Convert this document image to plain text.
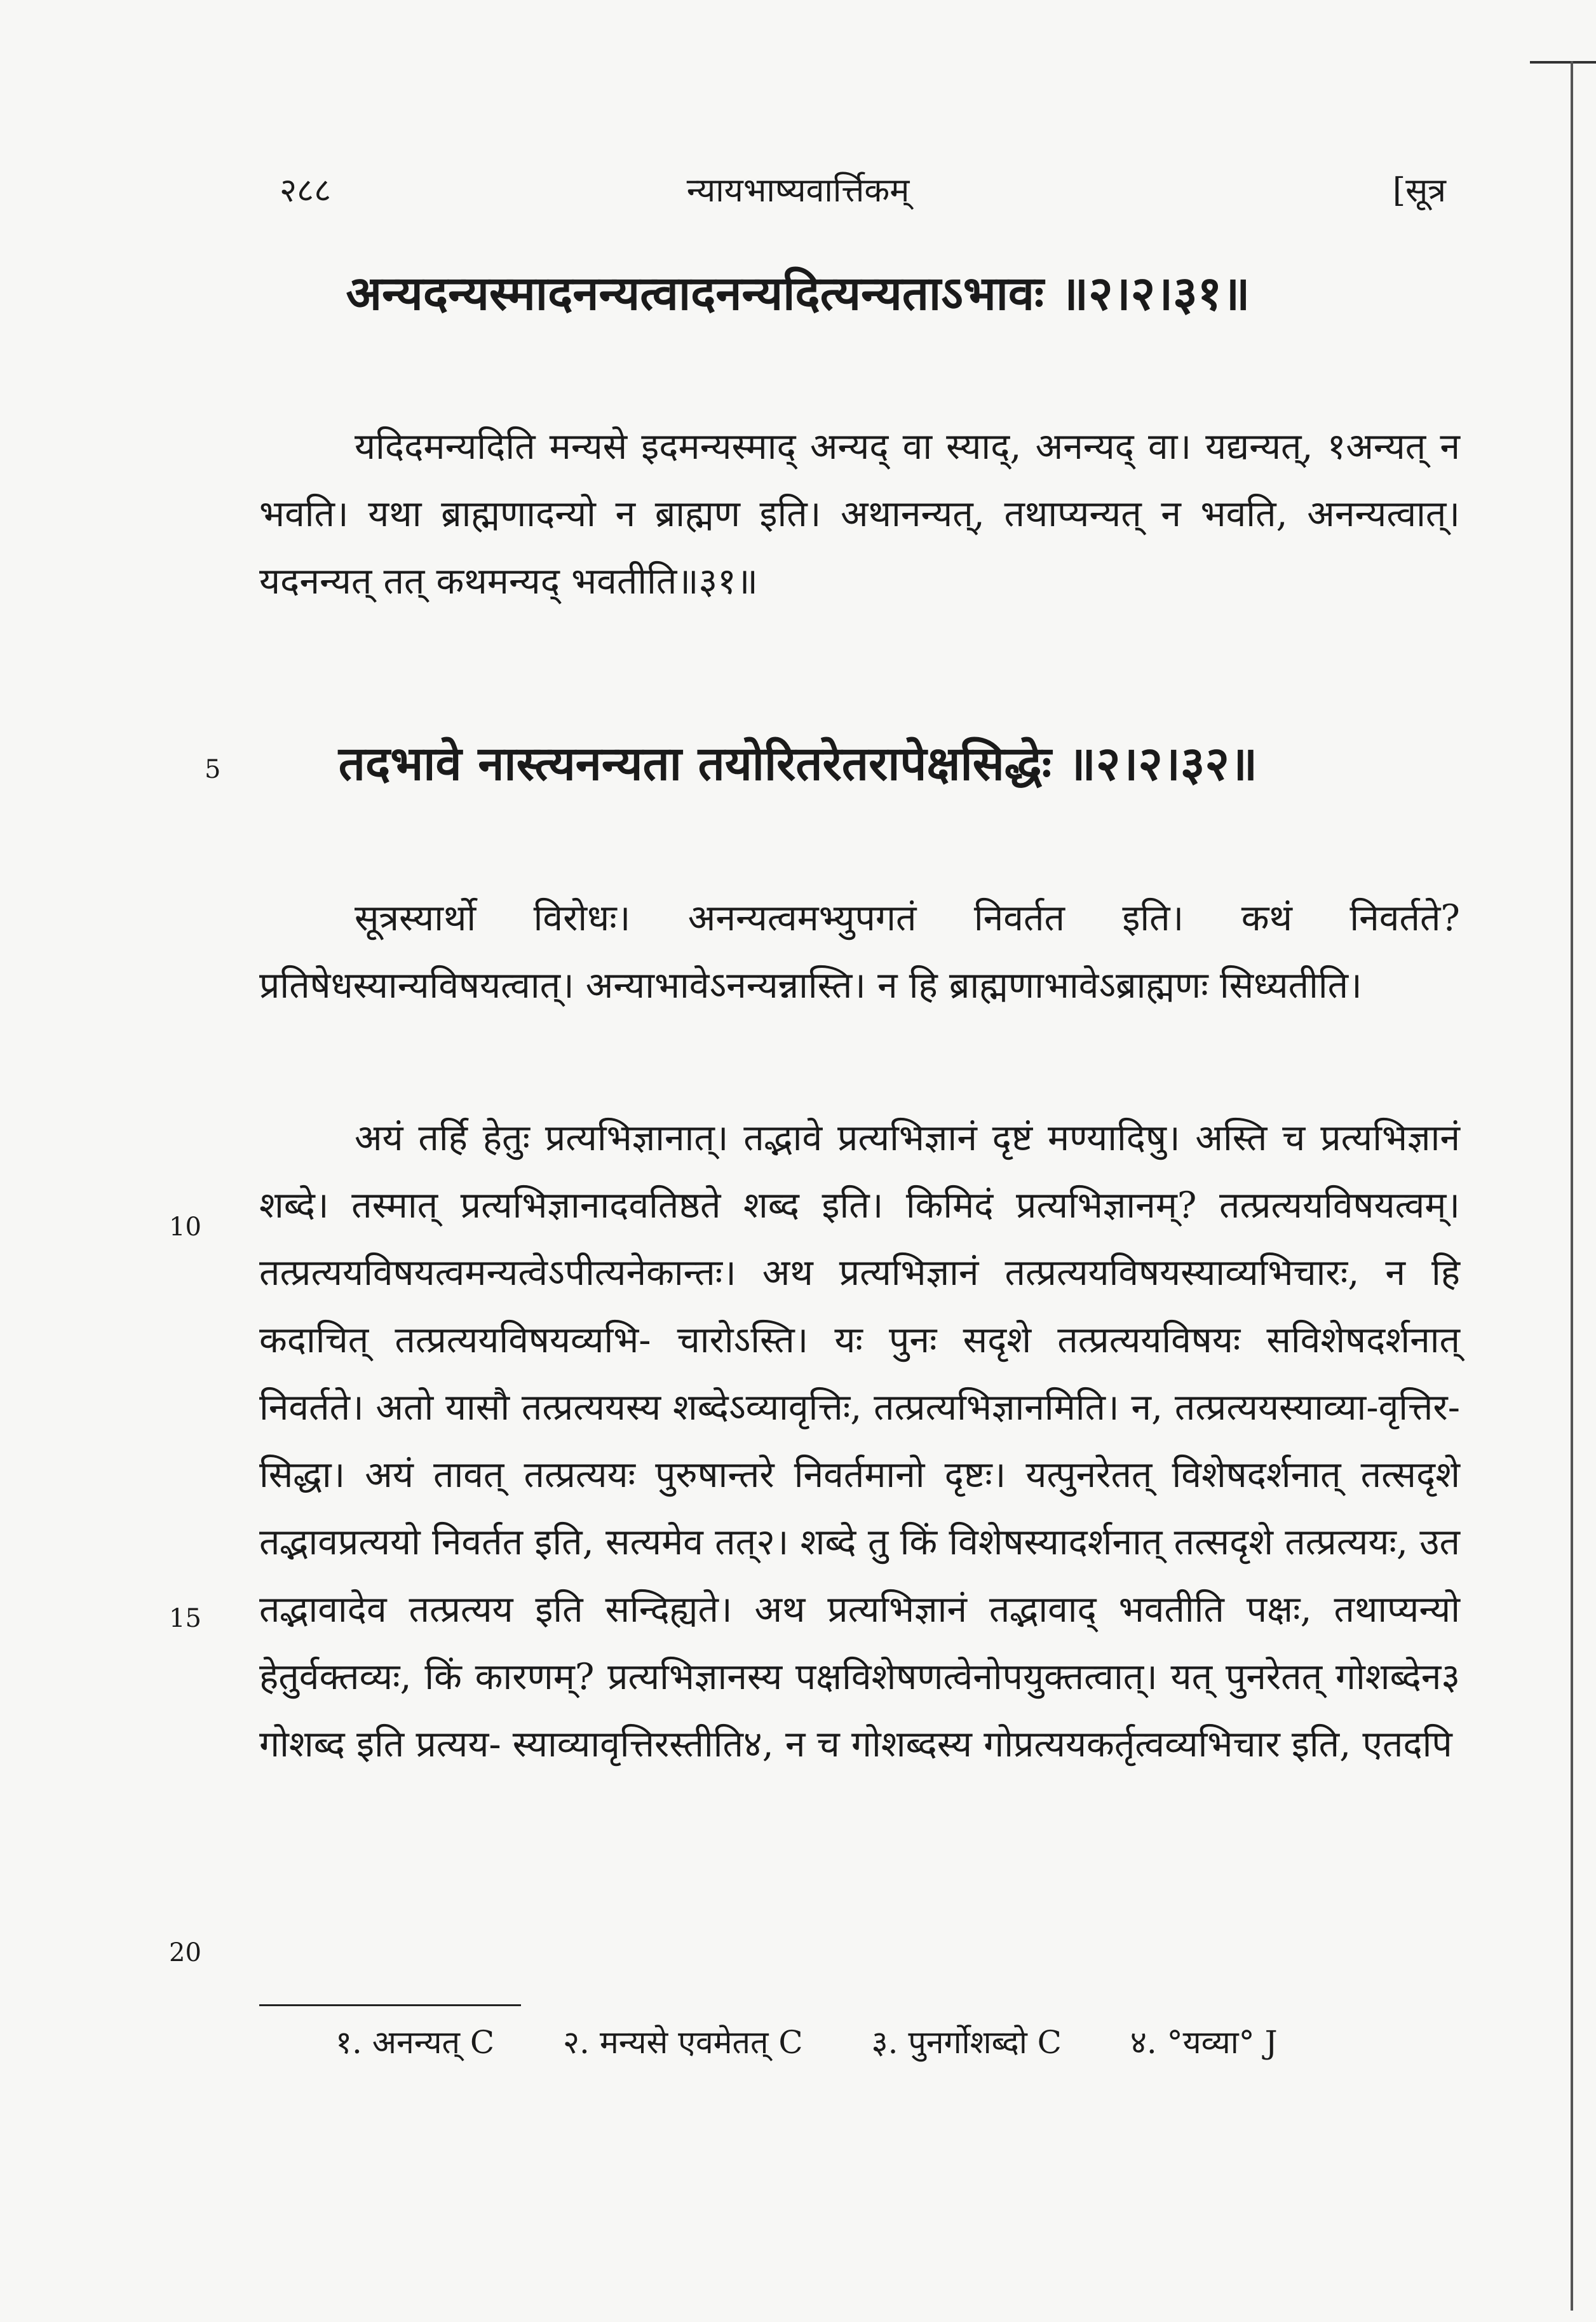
न्यायभाष्यवार्त्तिकम्
२८८	[सूत्र
अन्यदन्यस्मादनन्यत्वादनन्यदित्यन्यताऽभावः ॥२।२।३१॥

यदिदमन्यदिति मन्यसे इदमन्यस्माद् अन्यद् वा स्याद्, अनन्यद् वा। यद्यन्यत्, १अन्यत् न भवति। यथा ब्राह्मणादन्यो न ब्राह्मण इति। अथानन्यत्, तथाप्यन्यत् न भवति, अनन्यत्वात्। यदनन्यत् तत् कथमन्यद् भवतीति॥३१॥

5	तदभावे नास्त्यनन्यता तयोरितरेतरापेक्षसिद्धेः ॥२।२।३२॥

सूत्रस्यार्थो विरोधः। अनन्यत्वमभ्युपगतं निवर्तत इति। कथं निवर्तते? प्रतिषेधस्यान्यविषयत्वात्। अन्याभावेऽनन्यन्नास्ति। न हि ब्राह्मणाभावेऽब्राह्मणः सिध्यतीति।

अयं तर्हि हेतुः प्रत्यभिज्ञानात्। तद्भावे प्रत्यभिज्ञानं दृष्टं मण्यादिषु। अस्ति च प्रत्यभिज्ञानं शब्दे। तस्मात् प्रत्यभिज्ञानादवतिष्ठते शब्द इति। किमिदं प्रत्यभिज्ञानम्? तत्प्रत्ययविषयत्वम्। तत्प्रत्ययविषयत्वमन्यत्वेऽपीत्यनेकान्तः। अथ प्रत्यभिज्ञानं तत्प्रत्ययविषयस्याव्यभिचारः, न हि कदाचित् तत्प्रत्ययविषयव्यभि- चारोऽस्ति। यः पुनः सदृशे तत्प्रत्ययविषयः सविशेषदर्शनात् निवर्तते। अतो यासौ तत्प्रत्ययस्य शब्देऽव्यावृत्तिः, तत्प्रत्यभिज्ञानमिति। न, तत्प्रत्ययस्याव्या-वृत्तिर- सिद्धा। अयं तावत् तत्प्रत्ययः पुरुषान्तरे निवर्तमानो दृष्टः। यत्पुनरेतत् विशेषदर्शनात् तत्सदृशे तद्भावप्रत्ययो निवर्तत इति, सत्यमेव तत्२। शब्दे तु किं विशेषस्यादर्शनात् तत्सदृशे तत्प्रत्ययः, उत तद्भावादेव तत्प्रत्यय इति सन्दिह्यते। अथ प्रत्यभिज्ञानं तद्भावाद् भवतीति पक्षः, तथाप्यन्यो हेतुर्वक्तव्यः, किं कारणम्? प्रत्यभिज्ञानस्य पक्षविशेषणत्वेनोपयुक्तत्वात्। यत् पुनरेतत् गोशब्देन३ गोशब्द इति प्रत्यय- स्याव्यावृत्तिरस्तीति४, न च गोशब्दस्य गोप्रत्ययकर्तृत्वव्यभिचार इति, एतदपि

10
15
20
१. अनन्यत् C २. मन्यसे एवमेतत् C ३. पुनर्गोशब्दो C ४. °यव्या° J
